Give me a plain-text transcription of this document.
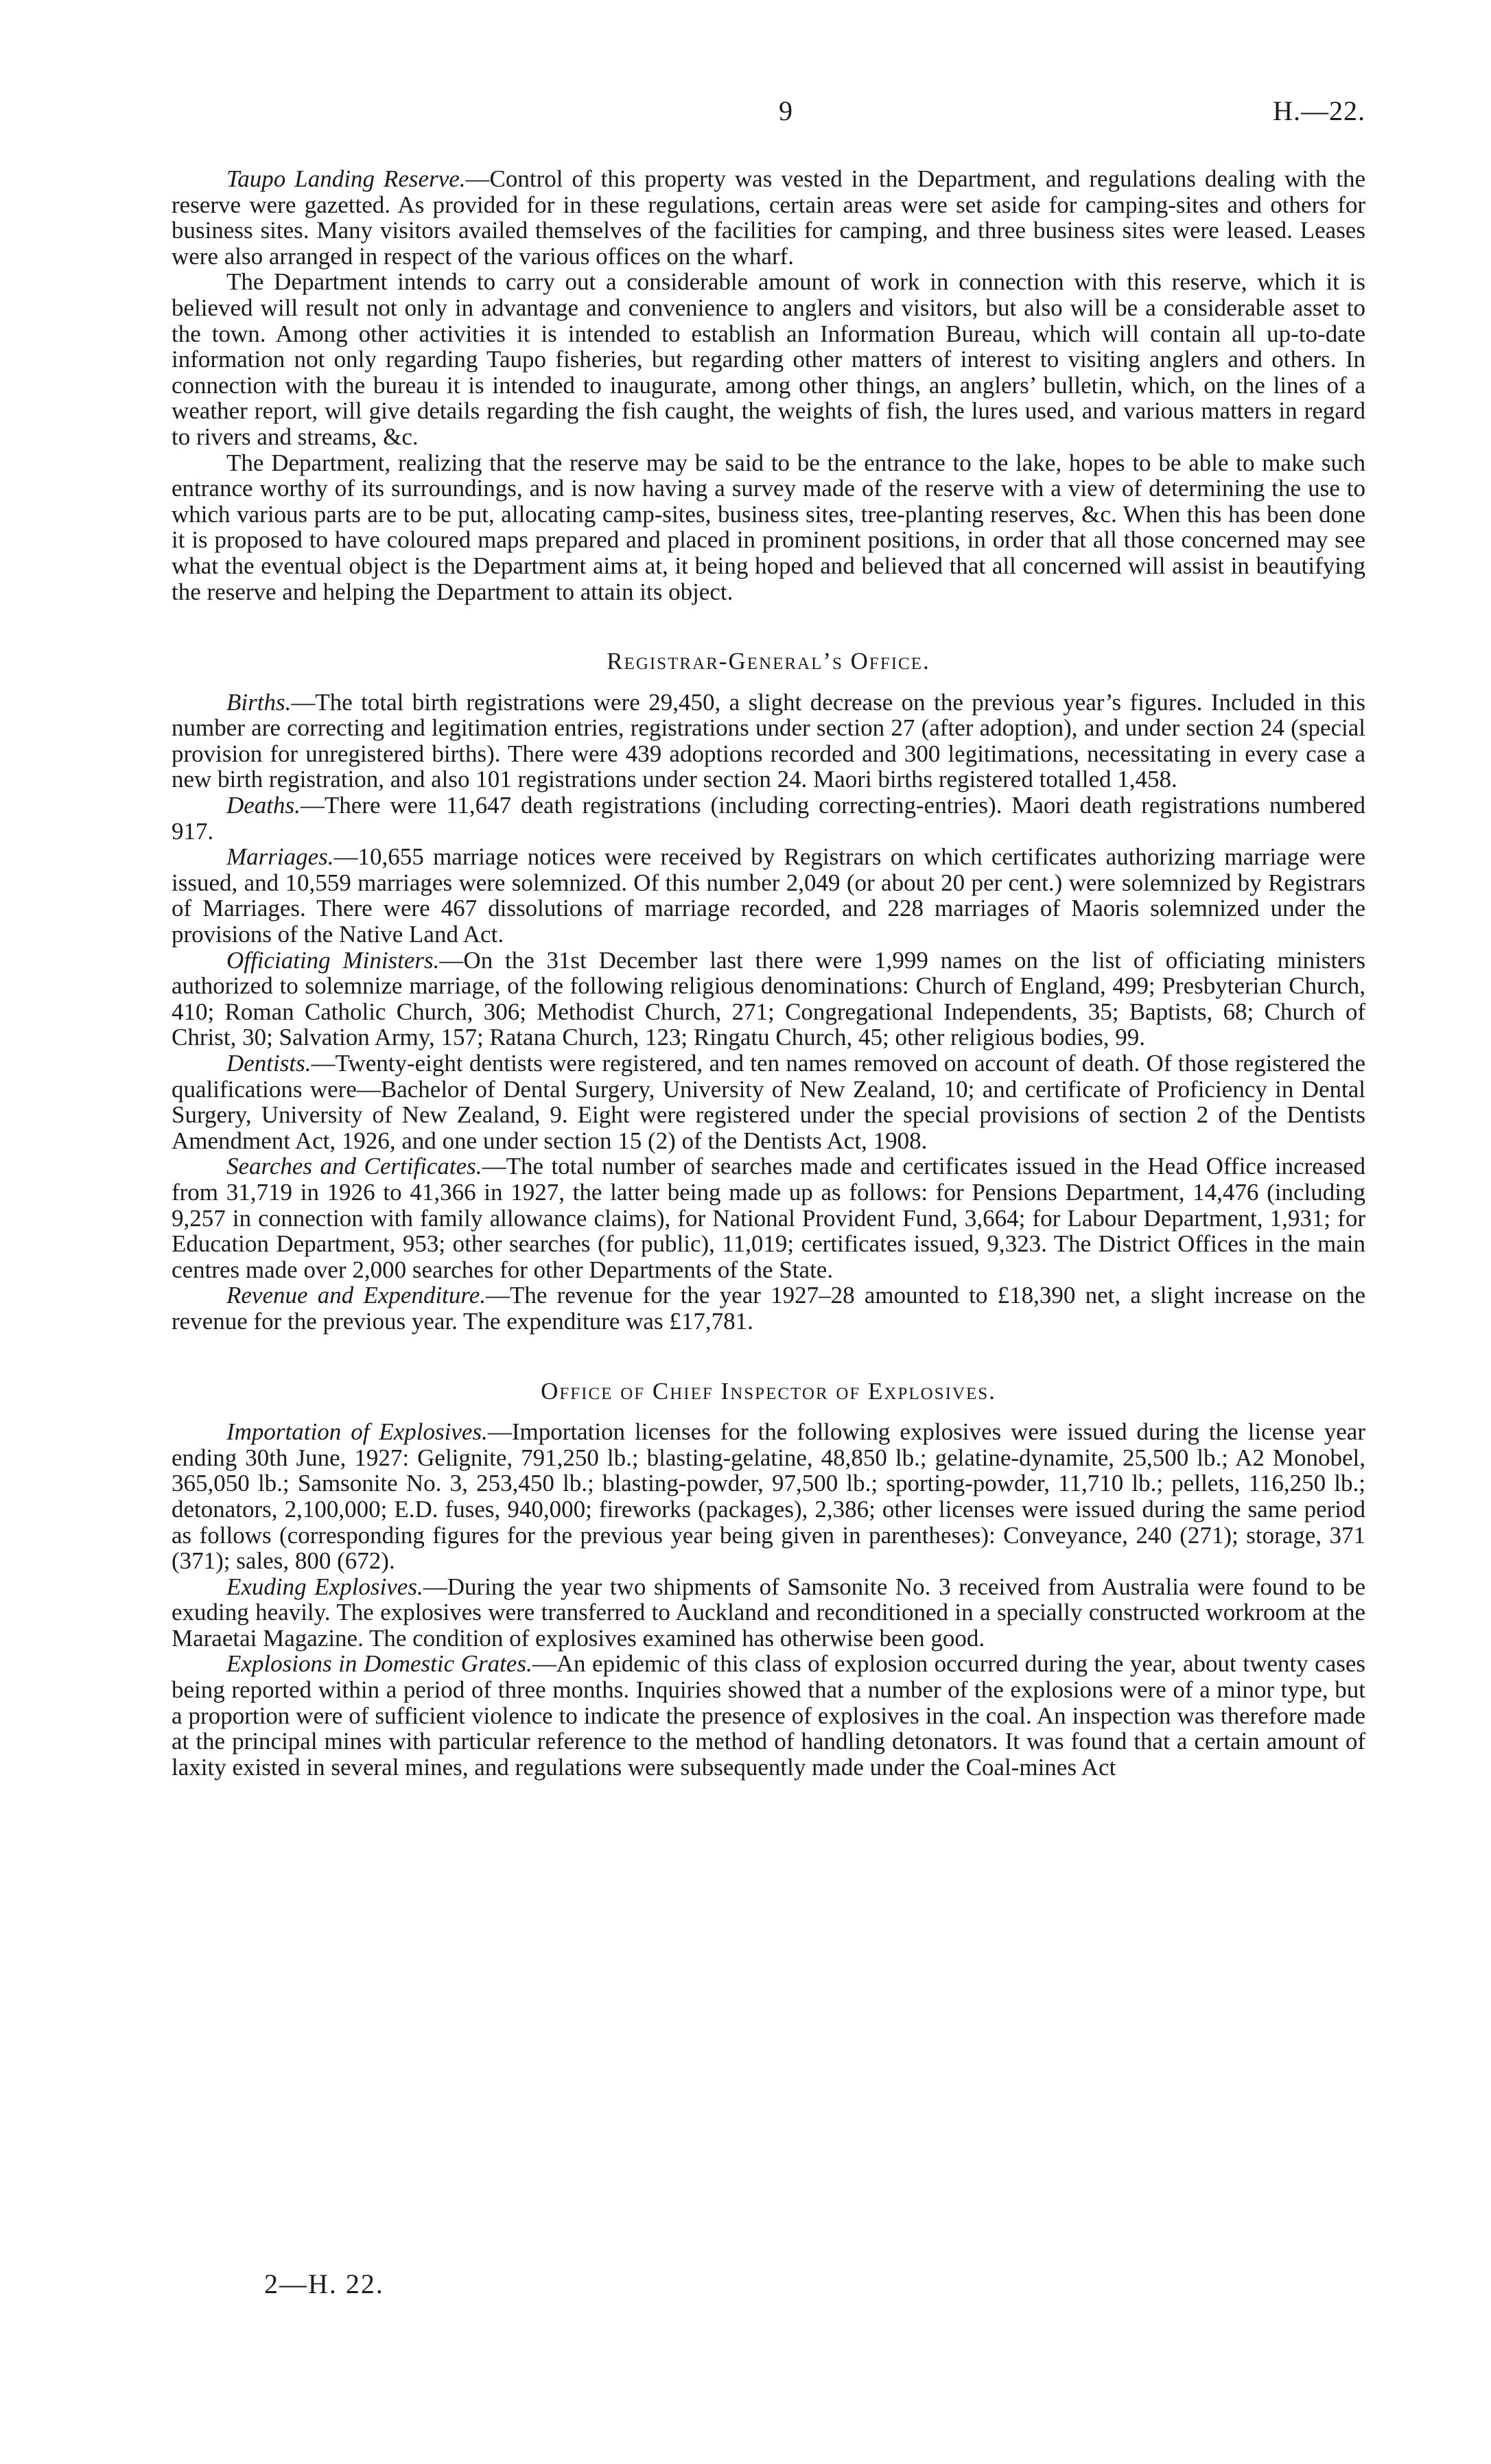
9	H.—22.

Taupo Landing Reserve.—Control of this property was vested in the Department, and regulations dealing with the reserve were gazetted. As provided for in these regulations, certain areas were set aside for camping-sites and others for business sites. Many visitors availed themselves of the facilities for camping, and three business sites were leased. Leases were also arranged in respect of the various offices on the wharf.

The Department intends to carry out a considerable amount of work in connection with this reserve, which it is believed will result not only in advantage and convenience to anglers and visitors, but also will be a considerable asset to the town. Among other activities it is intended to establish an Information Bureau, which will contain all up-to-date information not only regarding Taupo fisheries, but regarding other matters of interest to visiting anglers and others. In connection with the bureau it is intended to inaugurate, among other things, an anglers’ bulletin, which, on the lines of a weather report, will give details regarding the fish caught, the weights of fish, the lures used, and various matters in regard to rivers and streams, &c.

The Department, realizing that the reserve may be said to be the entrance to the lake, hopes to be able to make such entrance worthy of its surroundings, and is now having a survey made of the reserve with a view of determining the use to which various parts are to be put, allocating camp-sites, business sites, tree-planting reserves, &c. When this has been done it is proposed to have coloured maps prepared and placed in prominent positions, in order that all those concerned may see what the eventual object is the Department aims at, it being hoped and believed that all concerned will assist in beautifying the reserve and helping the Department to attain its object.

Registrar-General’s Office.

Births.—The total birth registrations were 29,450, a slight decrease on the previous year’s figures. Included in this number are correcting and legitimation entries, registrations under section 27 (after adoption), and under section 24 (special provision for unregistered births). There were 439 adoptions recorded and 300 legitimations, necessitating in every case a new birth registration, and also 101 registrations under section 24. Maori births registered totalled 1,458.

Deaths.—There were 11,647 death registrations (including correcting-entries). Maori death registrations numbered 917.

Marriages.—10,655 marriage notices were received by Registrars on which certificates authorizing marriage were issued, and 10,559 marriages were solemnized. Of this number 2,049 (or about 20 per cent.) were solemnized by Registrars of Marriages. There were 467 dissolutions of marriage recorded, and 228 marriages of Maoris solemnized under the provisions of the Native Land Act.

Officiating Ministers.—On the 31st December last there were 1,999 names on the list of officiating ministers authorized to solemnize marriage, of the following religious denominations: Church of England, 499; Presbyterian Church, 410; Roman Catholic Church, 306; Methodist Church, 271; Congregational Independents, 35; Baptists, 68; Church of Christ, 30; Salvation Army, 157; Ratana Church, 123; Ringatu Church, 45; other religious bodies, 99.

Dentists.—Twenty-eight dentists were registered, and ten names removed on account of death. Of those registered the qualifications were—Bachelor of Dental Surgery, University of New Zealand, 10; and certificate of Proficiency in Dental Surgery, University of New Zealand, 9. Eight were registered under the special provisions of section 2 of the Dentists Amendment Act, 1926, and one under section 15 (2) of the Dentists Act, 1908.

Searches and Certificates.—The total number of searches made and certificates issued in the Head Office increased from 31,719 in 1926 to 41,366 in 1927, the latter being made up as follows: for Pensions Department, 14,476 (including 9,257 in connection with family allowance claims), for National Provident Fund, 3,664; for Labour Department, 1,931; for Education Department, 953; other searches (for public), 11,019; certificates issued, 9,323. The District Offices in the main centres made over 2,000 searches for other Departments of the State.

Revenue and Expenditure.—The revenue for the year 1927–28 amounted to £18,390 net, a slight increase on the revenue for the previous year. The expenditure was £17,781.

Office of Chief Inspector of Explosives.

Importation of Explosives.—Importation licenses for the following explosives were issued during the license year ending 30th June, 1927: Gelignite, 791,250 lb.; blasting-gelatine, 48,850 lb.; gelatine-dynamite, 25,500 lb.; A2 Monobel, 365,050 lb.; Samsonite No. 3, 253,450 lb.; blasting-powder, 97,500 lb.; sporting-powder, 11,710 lb.; pellets, 116,250 lb.; detonators, 2,100,000; E.D. fuses, 940,000; fireworks (packages), 2,386; other licenses were issued during the same period as follows (corresponding figures for the previous year being given in parentheses): Conveyance, 240 (271); storage, 371 (371); sales, 800 (672).

Exuding Explosives.—During the year two shipments of Samsonite No. 3 received from Australia were found to be exuding heavily. The explosives were transferred to Auckland and reconditioned in a specially constructed workroom at the Maraetai Magazine. The condition of explosives examined has otherwise been good.

Explosions in Domestic Grates.—An epidemic of this class of explosion occurred during the year, about twenty cases being reported within a period of three months. Inquiries showed that a number of the explosions were of a minor type, but a proportion were of sufficient violence to indicate the presence of explosives in the coal. An inspection was therefore made at the principal mines with particular reference to the method of handling detonators. It was found that a certain amount of laxity existed in several mines, and regulations were subsequently made under the Coal-mines Act

2—H. 22.
